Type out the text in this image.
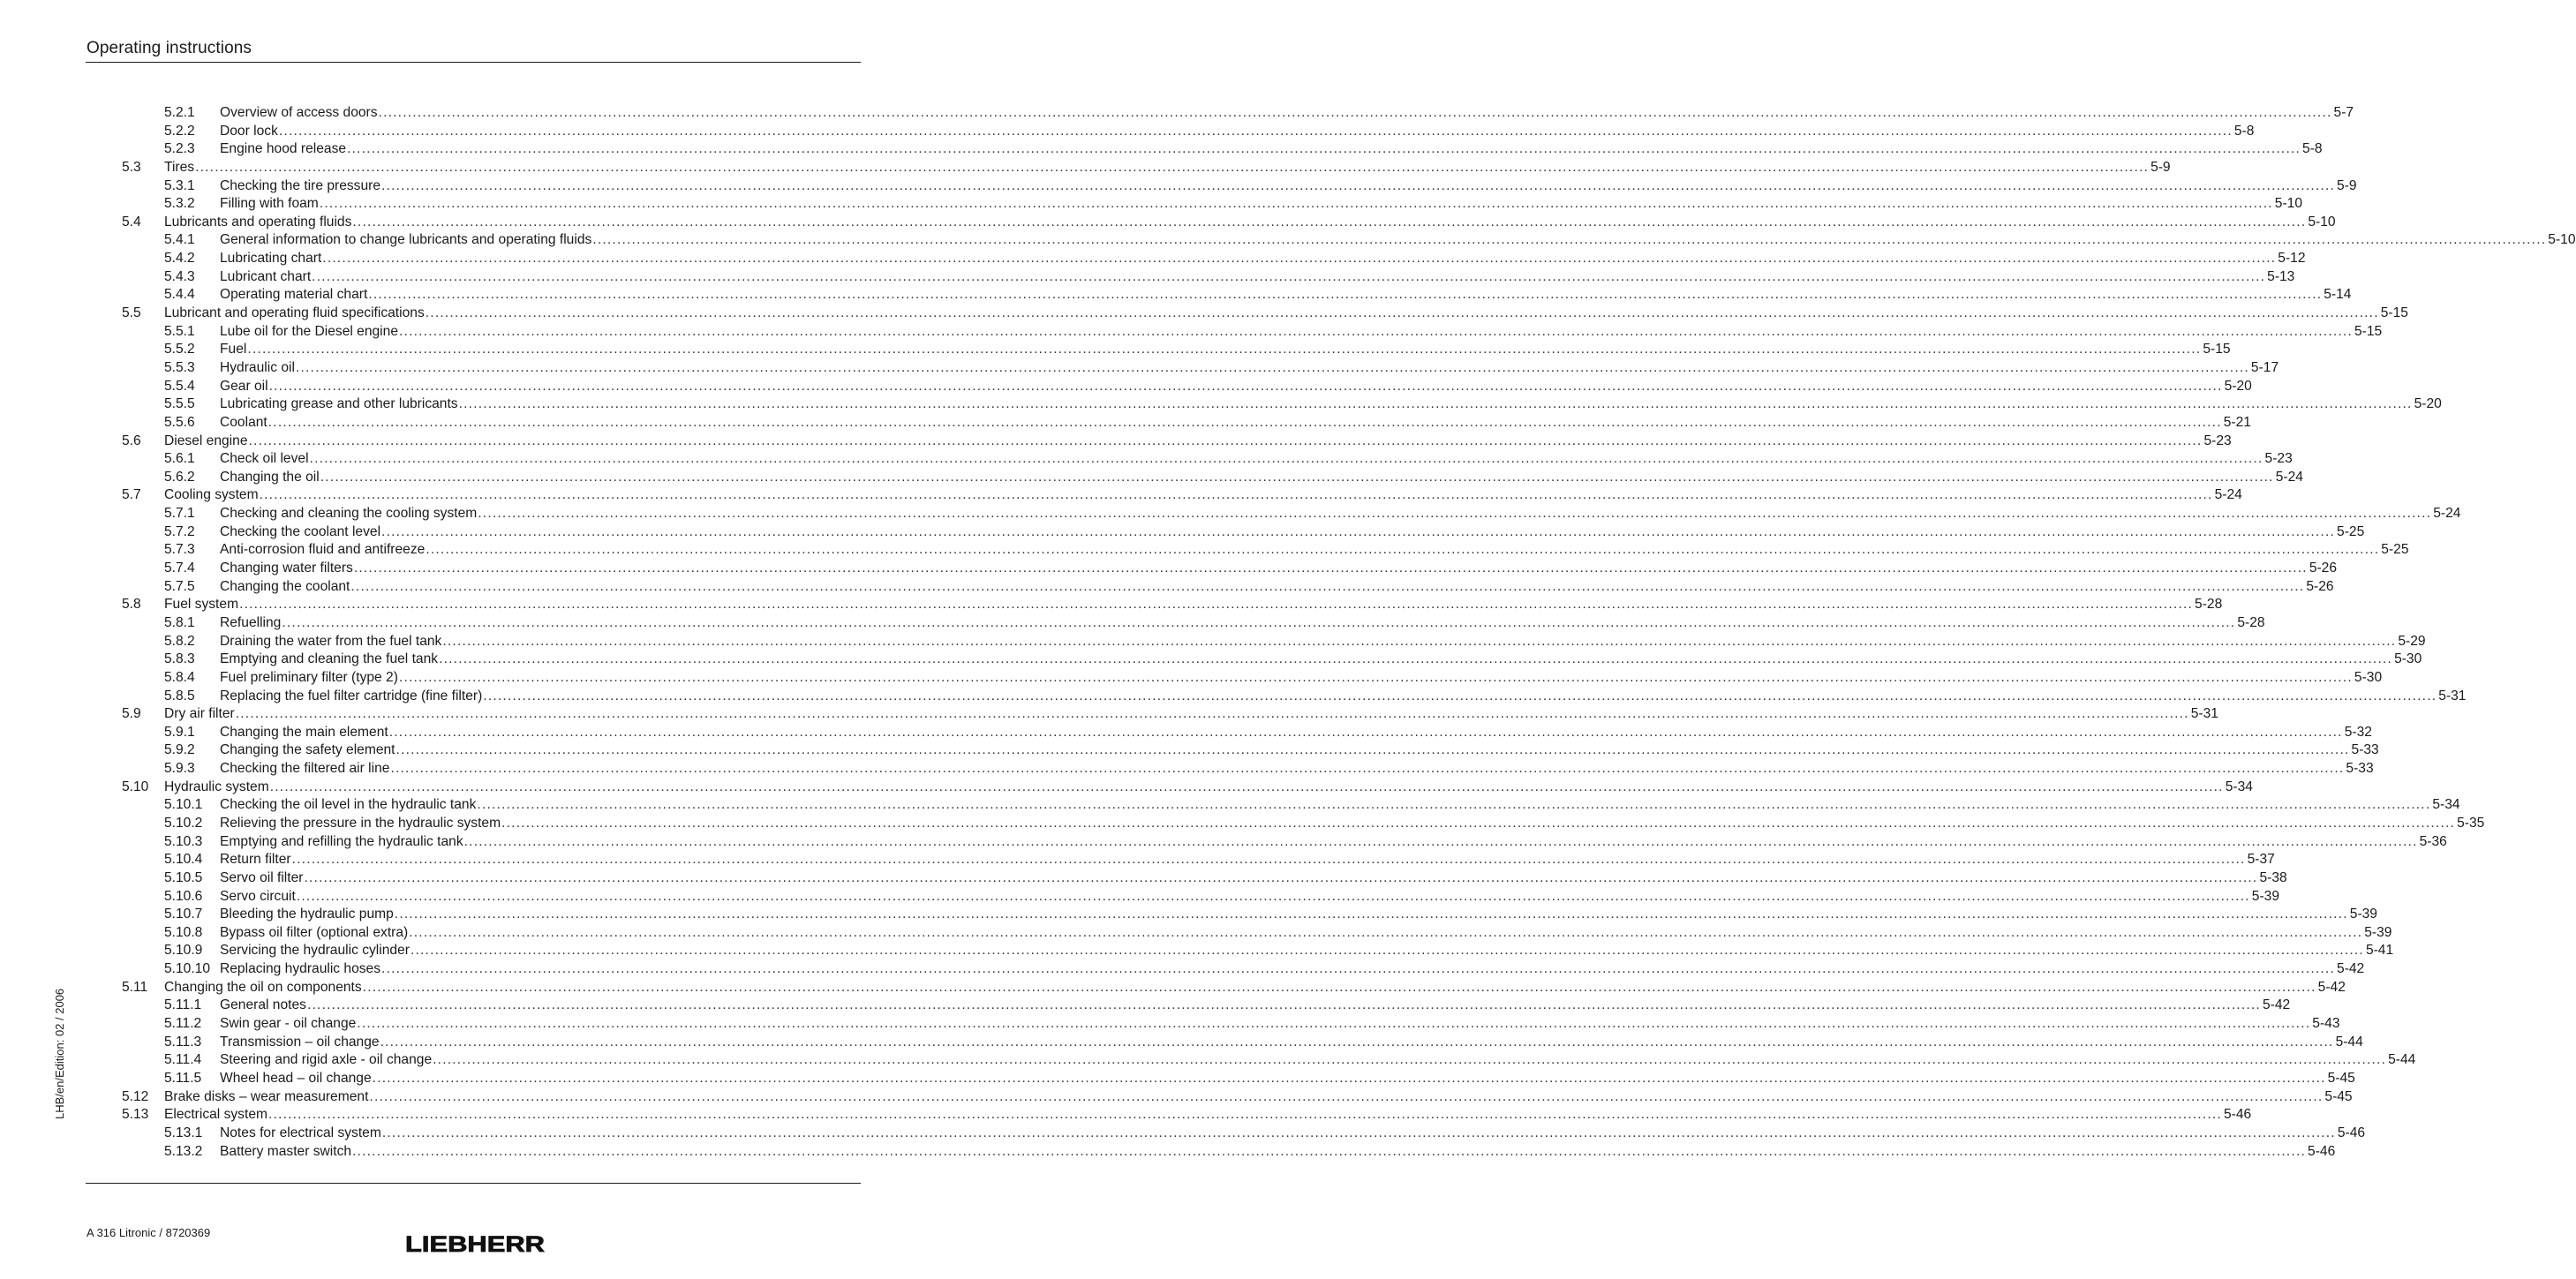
Operating instructions
5.2.1 Overview of access doors ................................................................................................................................................................................................................................................................................................................................................................................................................ 5-7
5.2.2 Door lock ................................................................................................................................................................................................................................................................................................................................................................................................................ 5-8
5.2.3 Engine hood release ................................................................................................................................................................................................................................................................................................................................................................................................................ 5-8
5.3 Tires ................................................................................................................................................................................................................................................................................................................................................................................................................ 5-9
5.3.1 Checking the tire pressure ................................................................................................................................................................................................................................................................................................................................................................................................................ 5-9
5.3.2 Filling with foam ................................................................................................................................................................................................................................................................................................................................................................................................................ 5-10
5.4 Lubricants and operating fluids ................................................................................................................................................................................................................................................................................................................................................................................................................ 5-10
5.4.1 General information to change lubricants and operating fluids ................................................................................................................................................................................................................................................................................................................................................................................................................ 5-10
5.4.2 Lubricating chart ................................................................................................................................................................................................................................................................................................................................................................................................................ 5-12
5.4.3 Lubricant chart ................................................................................................................................................................................................................................................................................................................................................................................................................ 5-13
5.4.4 Operating material chart ................................................................................................................................................................................................................................................................................................................................................................................................................ 5-14
5.5 Lubricant and operating fluid specifications ................................................................................................................................................................................................................................................................................................................................................................................................................ 5-15
5.5.1 Lube oil for the Diesel engine ................................................................................................................................................................................................................................................................................................................................................................................................................ 5-15
5.5.2 Fuel ................................................................................................................................................................................................................................................................................................................................................................................................................ 5-15
5.5.3 Hydraulic oil ................................................................................................................................................................................................................................................................................................................................................................................................................ 5-17
5.5.4 Gear oil ................................................................................................................................................................................................................................................................................................................................................................................................................ 5-20
5.5.5 Lubricating grease and other lubricants ................................................................................................................................................................................................................................................................................................................................................................................................................ 5-20
5.5.6 Coolant ................................................................................................................................................................................................................................................................................................................................................................................................................ 5-21
5.6 Diesel engine ................................................................................................................................................................................................................................................................................................................................................................................................................ 5-23
5.6.1 Check oil level ................................................................................................................................................................................................................................................................................................................................................................................................................ 5-23
5.6.2 Changing the oil ................................................................................................................................................................................................................................................................................................................................................................................................................ 5-24
5.7 Cooling system ................................................................................................................................................................................................................................................................................................................................................................................................................ 5-24
5.7.1 Checking and cleaning the cooling system ................................................................................................................................................................................................................................................................................................................................................................................................................ 5-24
5.7.2 Checking the coolant level ................................................................................................................................................................................................................................................................................................................................................................................................................ 5-25
5.7.3 Anti-corrosion fluid and antifreeze ................................................................................................................................................................................................................................................................................................................................................................................................................ 5-25
5.7.4 Changing water filters ................................................................................................................................................................................................................................................................................................................................................................................................................ 5-26
5.7.5 Changing the coolant ................................................................................................................................................................................................................................................................................................................................................................................................................ 5-26
5.8 Fuel system ................................................................................................................................................................................................................................................................................................................................................................................................................ 5-28
5.8.1 Refuelling ................................................................................................................................................................................................................................................................................................................................................................................................................ 5-28
5.8.2 Draining the water from the fuel tank ................................................................................................................................................................................................................................................................................................................................................................................................................ 5-29
5.8.3 Emptying and cleaning the fuel tank ................................................................................................................................................................................................................................................................................................................................................................................................................ 5-30
5.8.4 Fuel preliminary filter (type 2) ................................................................................................................................................................................................................................................................................................................................................................................................................ 5-30
5.8.5 Replacing the fuel filter cartridge (fine filter) ................................................................................................................................................................................................................................................................................................................................................................................................................ 5-31
5.9 Dry air filter ................................................................................................................................................................................................................................................................................................................................................................................................................ 5-31
5.9.1 Changing the main element ................................................................................................................................................................................................................................................................................................................................................................................................................ 5-32
5.9.2 Changing the safety element ................................................................................................................................................................................................................................................................................................................................................................................................................ 5-33
5.9.3 Checking the filtered air line ................................................................................................................................................................................................................................................................................................................................................................................................................ 5-33
5.10 Hydraulic system ................................................................................................................................................................................................................................................................................................................................................................................................................ 5-34
5.10.1 Checking the oil level in the hydraulic tank ................................................................................................................................................................................................................................................................................................................................................................................................................ 5-34
5.10.2 Relieving the pressure in the hydraulic system ................................................................................................................................................................................................................................................................................................................................................................................................................ 5-35
5.10.3 Emptying and refilling the hydraulic tank ................................................................................................................................................................................................................................................................................................................................................................................................................ 5-36
5.10.4 Return filter ................................................................................................................................................................................................................................................................................................................................................................................................................ 5-37
5.10.5 Servo oil filter ................................................................................................................................................................................................................................................................................................................................................................................................................ 5-38
5.10.6 Servo circuit ................................................................................................................................................................................................................................................................................................................................................................................................................ 5-39
5.10.7 Bleeding the hydraulic pump ................................................................................................................................................................................................................................................................................................................................................................................................................ 5-39
5.10.8 Bypass oil filter (optional extra) ................................................................................................................................................................................................................................................................................................................................................................................................................ 5-39
5.10.9 Servicing the hydraulic cylinder ................................................................................................................................................................................................................................................................................................................................................................................................................ 5-41
5.10.10 Replacing hydraulic hoses ................................................................................................................................................................................................................................................................................................................................................................................................................ 5-42
5.11 Changing the oil on components ................................................................................................................................................................................................................................................................................................................................................................................................................ 5-42
5.11.1 General notes ................................................................................................................................................................................................................................................................................................................................................................................................................ 5-42
5.11.2 Swin gear - oil change ................................................................................................................................................................................................................................................................................................................................................................................................................ 5-43
5.11.3 Transmission – oil change ................................................................................................................................................................................................................................................................................................................................................................................................................ 5-44
5.11.4 Steering and rigid axle - oil change ................................................................................................................................................................................................................................................................................................................................................................................................................ 5-44
5.11.5 Wheel head – oil change ................................................................................................................................................................................................................................................................................................................................................................................................................ 5-45
5.12 Brake disks – wear measurement ................................................................................................................................................................................................................................................................................................................................................................................................................ 5-45
5.13 Electrical system ................................................................................................................................................................................................................................................................................................................................................................................................................ 5-46
5.13.1 Notes for electrical system ................................................................................................................................................................................................................................................................................................................................................................................................................ 5-46
5.13.2 Battery master switch ................................................................................................................................................................................................................................................................................................................................................................................................................ 5-46
LHB/en/Edition: 02 / 2006
A 316 Litronic / 8720369	LIEBHERR
